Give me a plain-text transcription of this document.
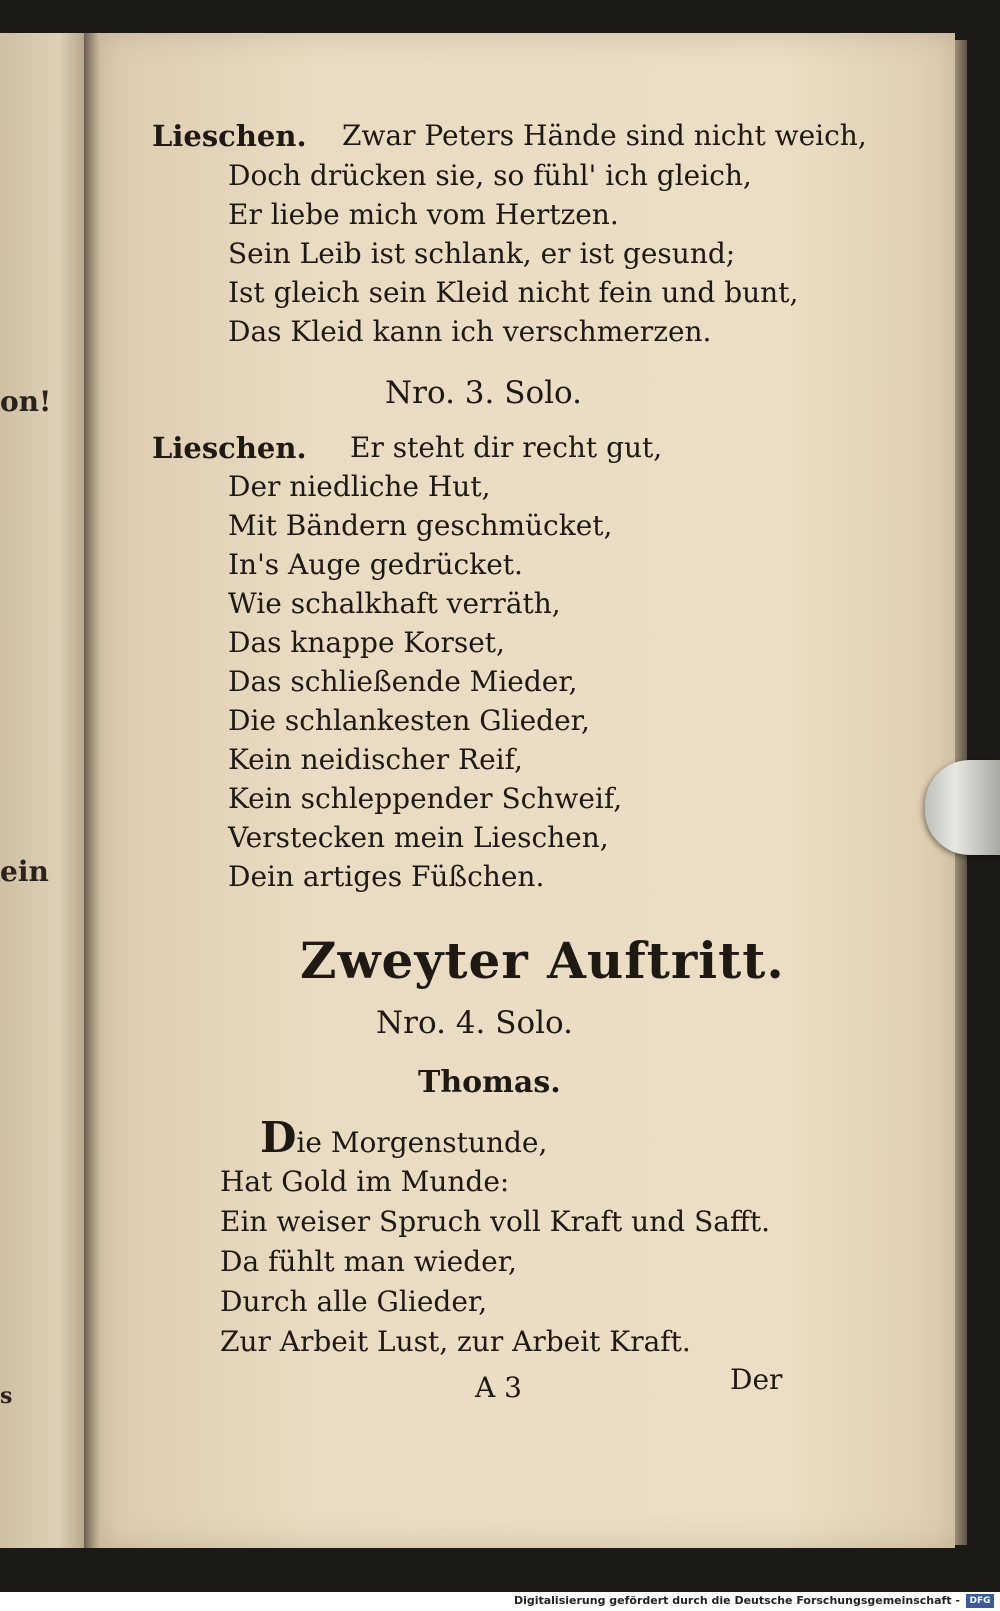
on!
ein
s
Lieschen. Zwar Peters Hände sind nicht weich,
Doch drücken sie, so fühl' ich gleich,
Er liebe mich vom Hertzen.
Sein Leib ist schlank, er ist gesund;
Ist gleich sein Kleid nicht fein und bunt,
Das Kleid kann ich verschmerzen.
Nro. 3. Solo.
Lieschen. Er steht dir recht gut,
Der niedliche Hut,
Mit Bändern geschmücket,
In's Auge gedrücket.
Wie schalkhaft verräth,
Das knappe Korset,
Das schließende Mieder,
Die schlankesten Glieder,
Kein neidischer Reif,
Kein schleppender Schweif,
Verstecken mein Lieschen,
Dein artiges Füßchen.
Zweyter Auftritt.
Nro. 4. Solo.
Thomas.
Die Morgenstunde,
Hat Gold im Munde:
Ein weiser Spruch voll Kraft und Safft.
Da fühlt man wieder,
Durch alle Glieder,
Zur Arbeit Lust, zur Arbeit Kraft.
A 3	Der
Digitalisierung gefördert durch die Deutsche Forschungsgemeinschaft -	DFG
